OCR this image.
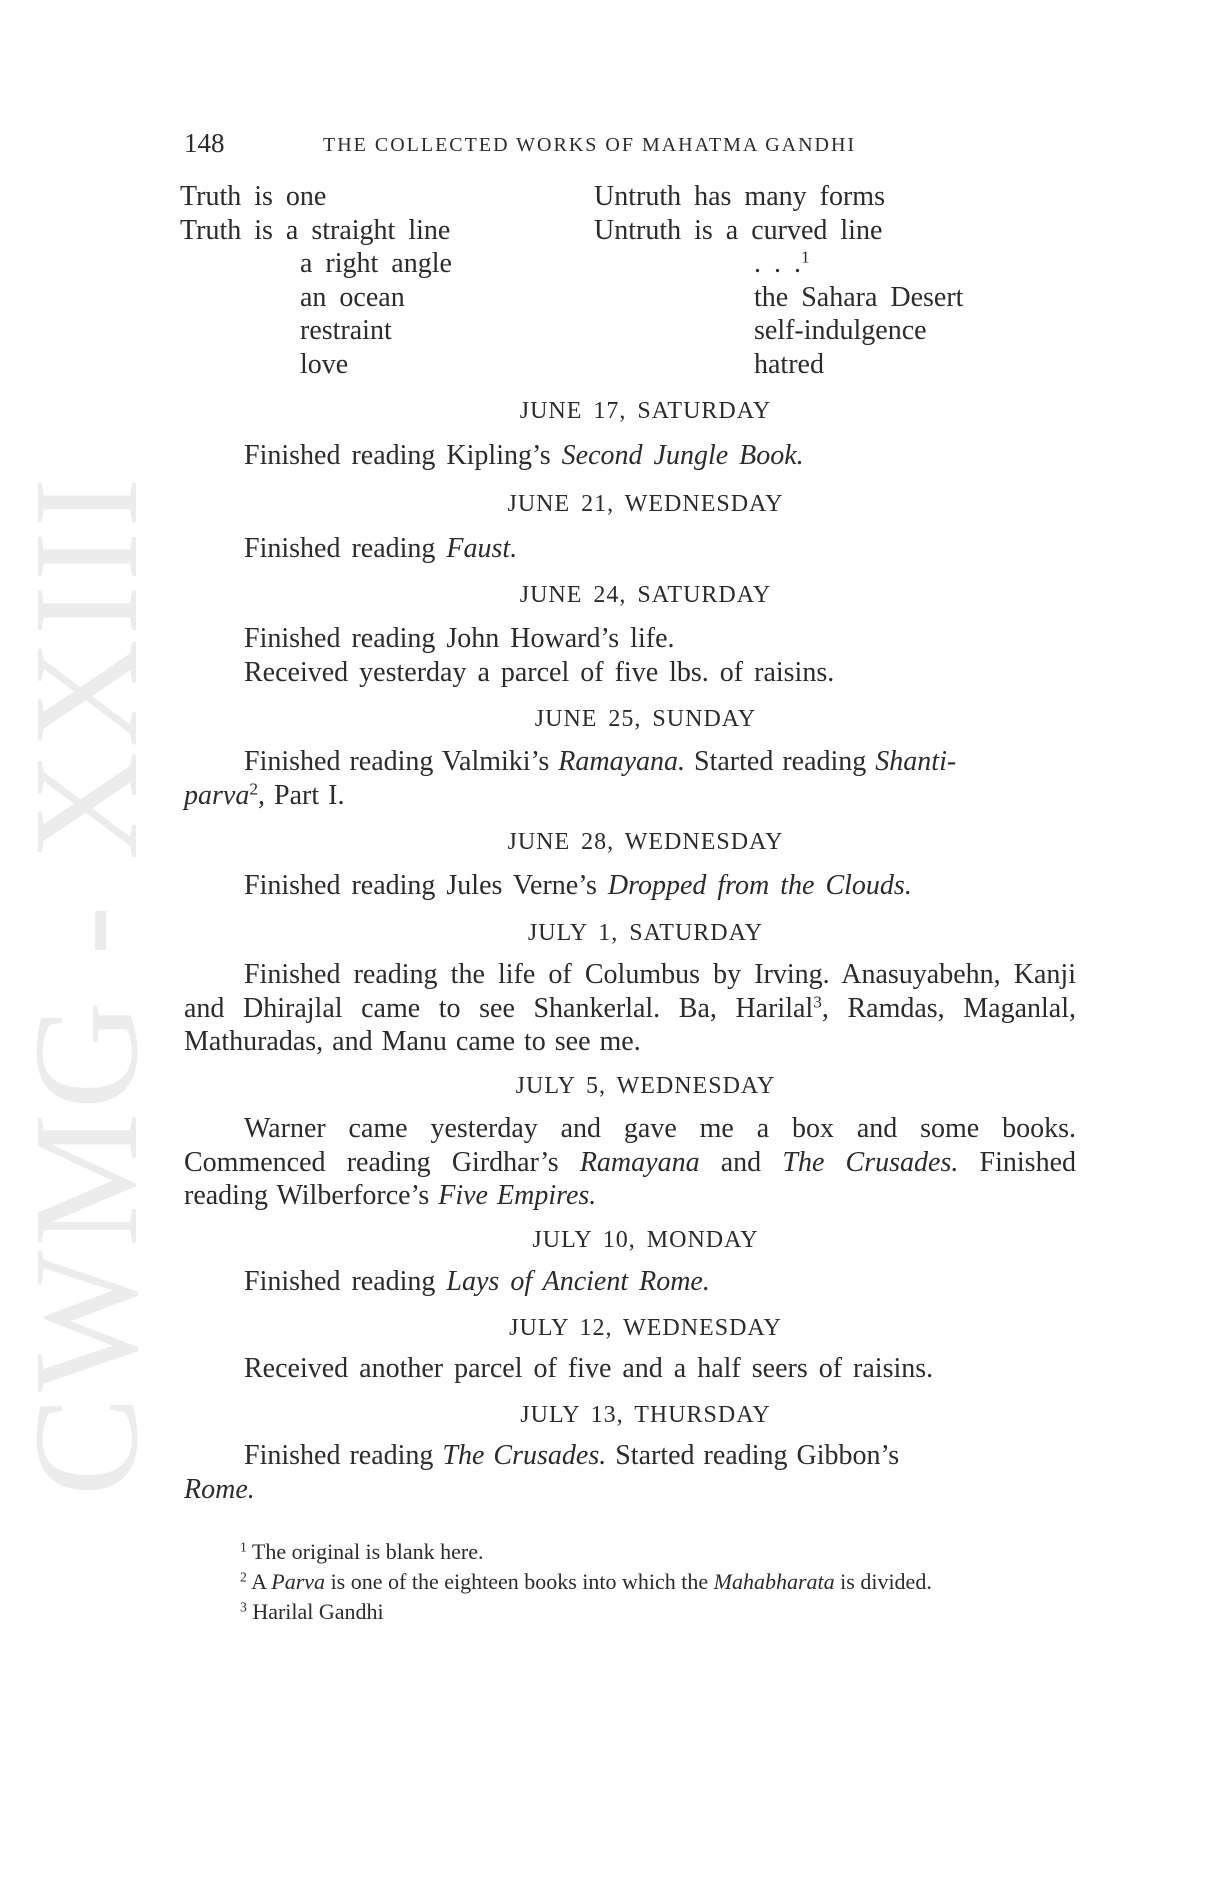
CWMG - XXIII
148	THE COLLECTED WORKS OF MAHATMA GANDHI
Truth is one
Truth is a straight line
a right angle
an ocean
restraint
love
Untruth has many forms
Untruth is a curved line
. . .$^1$
the Sahara Desert
self-indulgence
hatred
JUNE 17, SATURDAY
Finished reading Kipling’s Second Jungle Book.
JUNE 21, WEDNESDAY
Finished reading Faust.
JUNE 24, SATURDAY
Finished reading John Howard’s life.
Received yesterday a parcel of five lbs. of raisins.
JUNE 25, SUNDAY
Finished reading Valmiki’s Ramayana. Started reading Shanti-
parva$^2$, Part I.
JUNE 28, WEDNESDAY
Finished reading Jules Verne’s Dropped from the Clouds.
JULY 1, SATURDAY
Finished reading the life of Columbus by Irving. Anasuyabehn, Kanji and Dhirajlal came to see Shankerlal. Ba, Harilal$^3$, Ramdas, Maganlal, Mathuradas, and Manu came to see me.
JULY 5, WEDNESDAY
Warner came yesterday and gave me a box and some books. Commenced reading Girdhar’s Ramayana and The Crusades. Finished reading Wilberforce’s Five Empires.
JULY 10, MONDAY
Finished reading Lays of Ancient Rome.
JULY 12, WEDNESDAY
Received another parcel of five and a half seers of raisins.
JULY 13, THURSDAY
Finished reading The Crusades. Started reading Gibbon’s
Rome.
$^1$ The original is blank here.
$^2$ A Parva is one of the eighteen books into which the Mahabharata is divided.
$^3$ Harilal Gandhi
